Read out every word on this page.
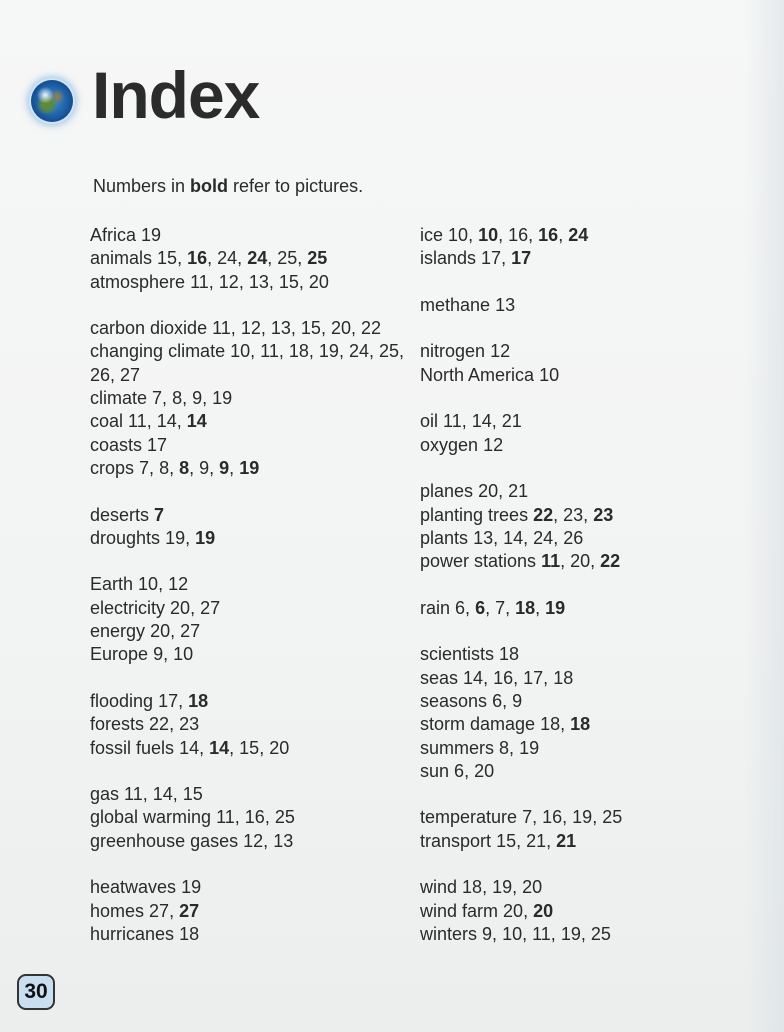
Index

Numbers in bold refer to pictures.

Africa 19
animals 15, 16, 24, 24, 25, 25
atmosphere 11, 12, 13, 15, 20
carbon dioxide 11, 12, 13, 15, 20, 22
changing climate 10, 11, 18, 19, 24, 25, 26, 27
climate 7, 8, 9, 19
coal 11, 14, 14
coasts 17
crops 7, 8, 8, 9, 9, 19
deserts 7
droughts 19, 19
Earth 10, 12
electricity 20, 27
energy 20, 27
Europe 9, 10
flooding 17, 18
forests 22, 23
fossil fuels 14, 14, 15, 20
gas 11, 14, 15
global warming 11, 16, 25
greenhouse gases 12, 13
heatwaves 19
homes 27, 27
hurricanes 18
ice 10, 10, 16, 16, 24
islands 17, 17
methane 13
nitrogen 12
North America 10
oil 11, 14, 21
oxygen 12
planes 20, 21
planting trees 22, 23, 23
plants 13, 14, 24, 26
power stations 11, 20, 22
rain 6, 6, 7, 18, 19
scientists 18
seas 14, 16, 17, 18
seasons 6, 9
storm damage 18, 18
summers 8, 19
sun 6, 20
temperature 7, 16, 19, 25
transport 15, 21, 21
wind 18, 19, 20
wind farm 20, 20
winters 9, 10, 11, 19, 25
30
